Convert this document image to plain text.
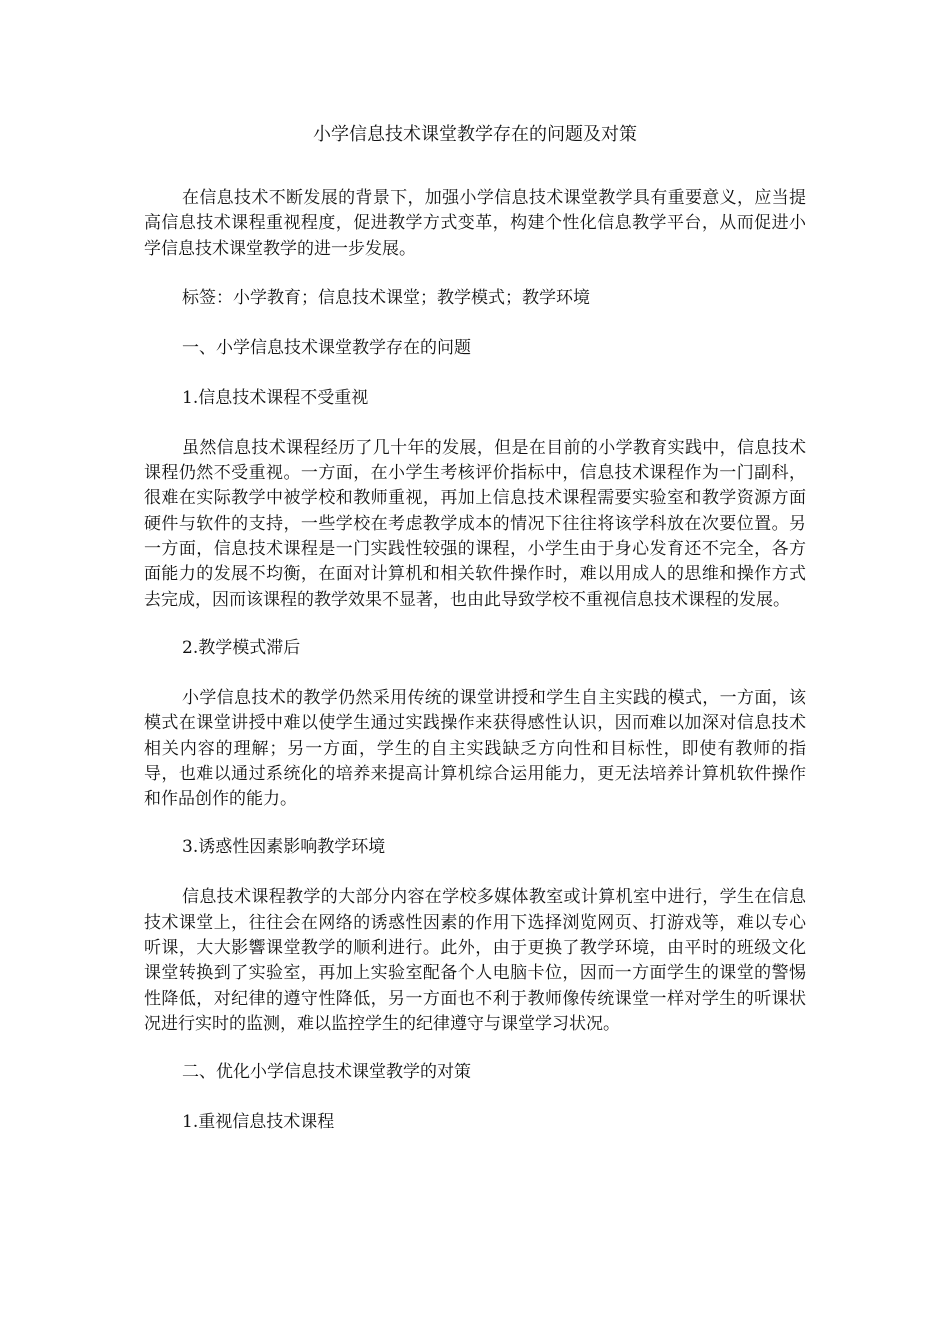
小学信息技术课堂教学存在的问题及对策

在信息技术不断发展的背景下，加强小学信息技术课堂教学具有重要意义，应当提高信息技术课程重视程度，促进教学方式变革，构建个性化信息教学平台，从而促进小学信息技术课堂教学的进一步发展。

标签：小学教育；信息技术课堂；教学模式；教学环境

一、小学信息技术课堂教学存在的问题

1.信息技术课程不受重视

虽然信息技术课程经历了几十年的发展，但是在目前的小学教育实践中，信息技术课程仍然不受重视。一方面，在小学生考核评价指标中，信息技术课程作为一门副科，很难在实际教学中被学校和教师重视，再加上信息技术课程需要实验室和教学资源方面硬件与软件的支持，一些学校在考虑教学成本的情况下往往将该学科放在次要位置。另一方面，信息技术课程是一门实践性较强的课程，小学生由于身心发育还不完全，各方面能力的发展不均衡，在面对计算机和相关软件操作时，难以用成人的思维和操作方式去完成，因而该课程的教学效果不显著，也由此导致学校不重视信息技术课程的发展。

2.教学模式滞后

小学信息技术的教学仍然采用传统的课堂讲授和学生自主实践的模式，一方面，该模式在课堂讲授中难以使学生通过实践操作来获得感性认识，因而难以加深对信息技术相关内容的理解；另一方面，学生的自主实践缺乏方向性和目标性，即使有教师的指导，也难以通过系统化的培养来提高计算机综合运用能力，更无法培养计算机软件操作和作品创作的能力。

3.诱惑性因素影响教学环境

信息技术课程教学的大部分内容在学校多媒体教室或计算机室中进行，学生在信息技术课堂上，往往会在网络的诱惑性因素的作用下选择浏览网页、打游戏等，难以专心听课，大大影響课堂教学的顺利进行。此外，由于更换了教学环境，由平时的班级文化课堂转换到了实验室，再加上实验室配备个人电脑卡位，因而一方面学生的课堂的警惕性降低，对纪律的遵守性降低，另一方面也不利于教师像传统课堂一样对学生的听课状况进行实时的监测，难以监控学生的纪律遵守与课堂学习状况。

二、优化小学信息技术课堂教学的对策

1.重视信息技术课程
